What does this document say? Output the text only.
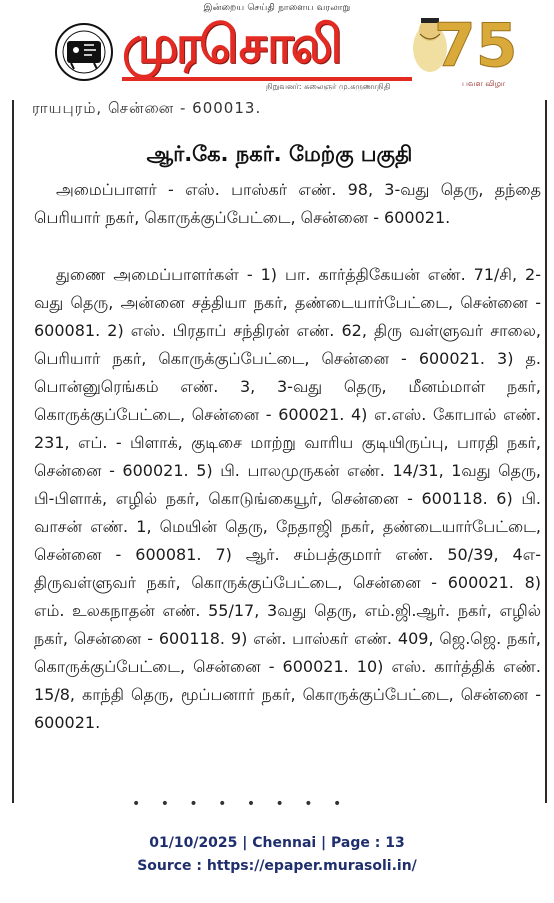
இன்றைய செய்தி நாளைய வரலாறு
முரசொலி
நிறுவனர்: கலைஞர் மு.கருணாநிதி
75
பவள விழா
ராயபுரம், சென்னை - 600013.
ஆர்.கே. நகர். மேற்கு பகுதி

அமைப்பாளர் - எஸ். பாஸ்கர் எண். 98, 3-வது தெரு, தந்தை பெரியார் நகர், கொருக்குப்பேட்டை, சென்னை - 600021.

துணை அமைப்பாளர்கள் - 1) பா. கார்த்திகேயன் எண். 71/சி, 2-வது தெரு, அன்னை சத்தியா நகர், தண்டையார்பேட்டை, சென்னை - 600081. 2) எஸ். பிரதாப் சந்திரன் எண். 62, திரு வள்ளுவர் சாலை, பெரியார் நகர், கொருக்குப்பேட்டை, சென்னை - 600021. 3) த. பொன்னுரெங்கம் எண். 3, 3-வது தெரு, மீனம்மாள் நகர், கொருக்குப்பேட்டை, சென்னை - 600021. 4) எ.எஸ். கோபால் எண். 231, எப். - பிளாக், குடிசை மாற்று வாரிய குடியிருப்பு, பாரதி நகர், சென்னை - 600021. 5) பி. பாலமுருகன் எண். 14/31, 1வது தெரு, பி-பிளாக், எழில் நகர், கொடுங்கையூர், சென்னை - 600118. 6) பி. வாசன் எண். 1, மெயின் தெரு, நேதாஜி நகர், தண்டையார்பேட்டை, சென்னை - 600081. 7) ஆர். சம்பத்குமார் எண். 50/39, 4எ- திருவள்ளுவர் நகர், கொருக்குப்பேட்டை, சென்னை - 600021. 8) எம். உலகநாதன் எண். 55/17, 3வது தெரு, எம்.ஜி.ஆர். நகர், எழில் நகர், சென்னை - 600118. 9) என். பாஸ்கர் எண். 409, ஜெ.ஜெ. நகர், கொருக்குப்பேட்டை, சென்னை - 600021. 10) எஸ். கார்த்திக் எண். 15/8, காந்தி தெரு, மூப்பனார் நகர், கொருக்குப்பேட்டை, சென்னை - 600021.

• • • • • • • •
01/10/2025 | Chennai | Page : 13
Source : https://epaper.murasoli.in/
